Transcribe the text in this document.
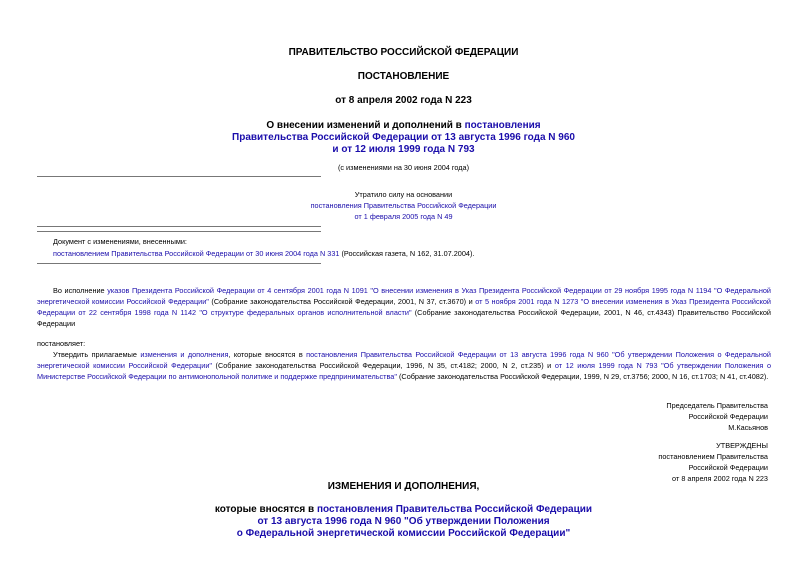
ПРАВИТЕЛЬСТВО РОССИЙСКОЙ ФЕДЕРАЦИИ
ПОСТАНОВЛЕНИЕ
от 8 апреля 2002 года N 223
О внесении изменений и дополнений в постановления
Правительства Российской Федерации от 13 августа 1996 года N 960
и от 12 июля 1999 года N 793
(с изменениями на 30 июня 2004 года)
Утратило силу на основании
постановления Правительства Российской Федерации
от 1 февраля 2005 года N 49
Документ с изменениями, внесенными:
постановлением Правительства Российской Федерации от 30 июня 2004 года N 331 (Российская газета, N 162, 31.07.2004).
Во исполнение указов Президента Российской Федерации от 4 сентября 2001 года N 1091 "О внесении изменения в Указ Президента Российской Федерации от 29 ноября 1995 года N 1194 "О Федеральной энергетической комиссии Российской Федерации" (Собрание законодательства Российской Федерации, 2001, N 37, ст.3670) и от 5 ноября 2001 года N 1273 "О внесении изменения в Указ Президента Российской Федерации от 22 сентября 1998 года N 1142 "О структуре федеральных органов исполнительной власти" (Собрание законодательства Российской Федерации, 2001, N 46, ст.4343) Правительство Российской Федерации
постановляет:
Утвердить прилагаемые изменения и дополнения, которые вносятся в постановления Правительства Российской Федерации от 13 августа 1996 года N 960 "Об утверждении Положения о Федеральной энергетической комиссии Российской Федерации" (Собрание законодательства Российской Федерации, 1996, N 35, ст.4182; 2000, N 2, ст.235) и от 12 июля 1999 года N 793 "Об утверждении Положения о Министерстве Российской Федерации по антимонопольной политике и поддержке предпринимательства" (Собрание законодательства Российской Федерации, 1999, N 29, ст.3756; 2000, N 16, ст.1703; N 41, ст.4082).
Председатель Правительства
Российской Федерации
М.Касьянов
УТВЕРЖДЕНЫ
постановлением Правительства
Российской Федерации
от 8 апреля 2002 года N 223
ИЗМЕНЕНИЯ И ДОПОЛНЕНИЯ,
которые вносятся в постановления Правительства Российской Федерации
от 13 августа 1996 года N 960 "Об утверждении Положения
о Федеральной энергетической комиссии Российской Федерации"
